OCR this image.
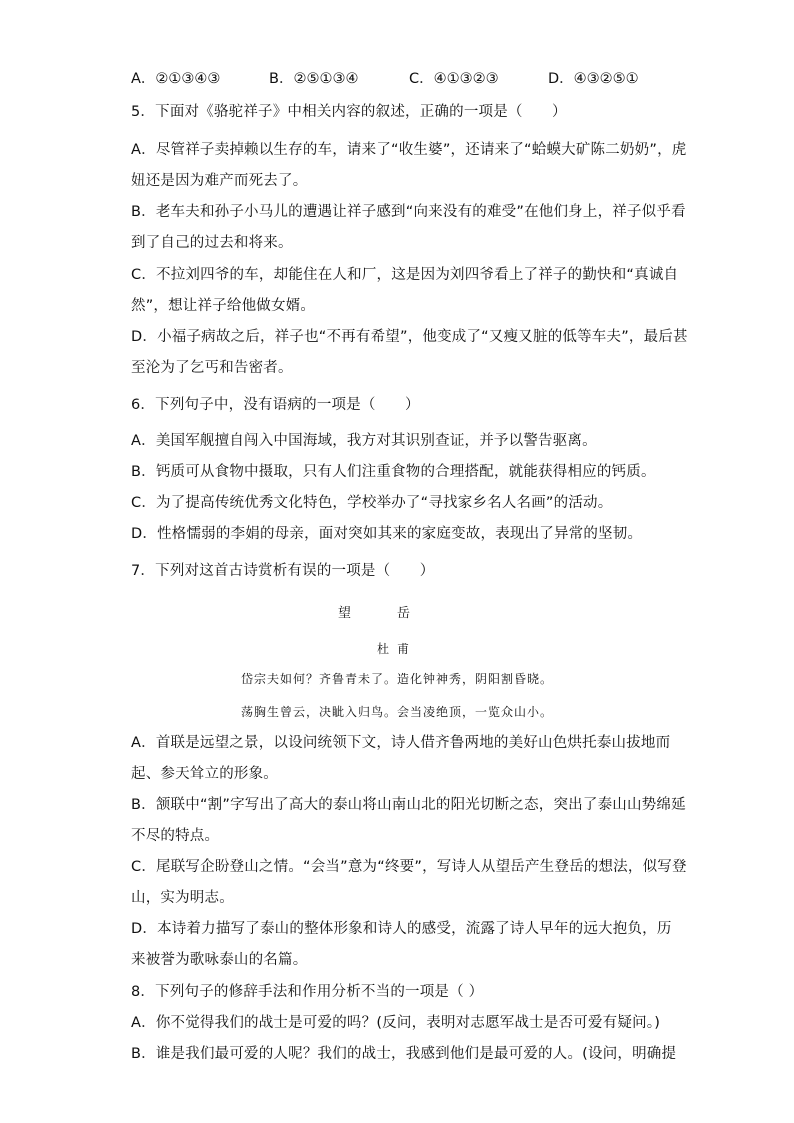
A．②①③④③	B．②⑤①③④	C．④①③②③	D．④③②⑤①
5．下面对《骆驼祥子》中相关内容的叙述，正确的一项是（　　）
A．尽管祥子卖掉赖以生存的车，请来了“收生婆”，还请来了“蛤蟆大矿陈二奶奶”，虎
妞还是因为难产而死去了。
B．老车夫和孙子小马儿的遭遇让祥子感到“向来没有的难受”在他们身上，祥子似乎看
到了自己的过去和将来。
C．不拉刘四爷的车，却能住在人和厂，这是因为刘四爷看上了祥子的勤快和“真诚自
然”，想让祥子给他做女婿。
D．小福子病故之后，祥子也“不再有希望”，他变成了“又瘦又脏的低等车夫”，最后甚
至沦为了乞丐和告密者。
6．下列句子中，没有语病的一项是（　　）
A．美国军舰擅自闯入中国海域，我方对其识别查证，并予以警告驱离。
B．钙质可从食物中摄取，只有人们注重食物的合理搭配，就能获得相应的钙质。
C．为了提高传统优秀文化特色，学校举办了“寻找家乡名人名画”的活动。
D．性格懦弱的李娟的母亲，面对突如其来的家庭变故，表现出了异常的坚韧。
7．下列对这首古诗赏析有误的一项是（　　）
望岳
杜甫
岱宗夫如何？齐鲁青未了。造化钟神秀，阴阳割昏晓。
荡胸生曾云，决眦入归鸟。会当凌绝顶，一览众山小。
A．首联是远望之景，以设问统领下文，诗人借齐鲁两地的美好山色烘托泰山拔地而
起、参天耸立的形象。
B．颔联中“割”字写出了高大的泰山将山南山北的阳光切断之态，突出了泰山山势绵延
不尽的特点。
C．尾联写企盼登山之情。“会当”意为“终要”，写诗人从望岳产生登岳的想法，似写登
山，实为明志。
D．本诗着力描写了泰山的整体形象和诗人的感受，流露了诗人早年的远大抱负，历
来被誉为歌咏泰山的名篇。
8．下列句子的修辞手法和作用分析不当的一项是（ ）
A．你不觉得我们的战士是可爱的吗？(反问，表明对志愿军战士是否可爱有疑问。)
B．谁是我们最可爱的人呢？我们的战士，我感到他们是最可爱的人。(设问，明确提
